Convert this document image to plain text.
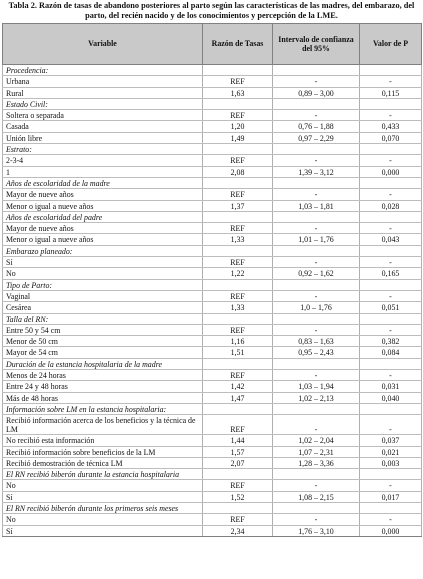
Tabla 2. Razón de tasas de abandono posteriores al parto según las características de las madres, del embarazo, del parto, del recién nacido y de los conocimientos y percepción de la LME.
Variable	Razón de Tasas	Intervalo de confianza del 95%	Valor de P
Procedencia:			
Urbana	REF	-	-
Rural	1,63	0,89 – 3,00	0,115
Estado Civil:			
Soltera o separada	REF	-	-
Casada	1,20	0,76 – 1,88	0,433
Unión libre	1,49	0,97 – 2,29	0,070
Estrato:			
2-3-4	REF	-	-
1	2,08	1,39 – 3,12	0,000
Años de escolaridad de la madre			
Mayor de nueve años	REF	-	-
Menor o igual a nueve años	1,37	1,03 – 1,81	0,028
Años de escolaridad del padre			
Mayor de nueve años	REF	-	-
Menor o igual a nueve años	1,33	1,01 – 1,76	0,043
Embarazo planeado:			
Sí	REF	-	-
No	1,22	0,92 – 1,62	0,165
Tipo de Parto:			
Vaginal	REF	-	-
Cesárea	1,33	1,0 – 1,76	0,051
Talla del RN:			
Entre 50 y 54 cm	REF	-	-
Menor de 50 cm	1,16	0,83 – 1,63	0,382
Mayor de 54 cm	1,51	0,95 – 2,43	0,084
Duración de la estancia hospitalaria de la madre			
Menos de 24 horas	REF	-	-
Entre 24 y 48 horas	1,42	1,03 – 1,94	0,031
Más de 48 horas	1,47	1,02 – 2,13	0,040
Información sobre LM en la estancia hospitalaria:			
Recibió información acerca de los beneficios y la técnica de LM	REF	-	-
No recibió esta información	1,44	1,02 – 2,04	0,037
Recibió información sobre beneficios de la LM	1,57	1,07 – 2,31	0,021
Recibió demostración de técnica LM	2,07	1,28 – 3,36	0,003
El RN recibió biberón durante la estancia hospitalaria			
No	REF	-	-
Sí	1,52	1,08 – 2,15	0,017
El RN recibió biberón durante los primeros seis meses			
No	REF	-	-
Sí	2,34	1,76 – 3,10	0,000
